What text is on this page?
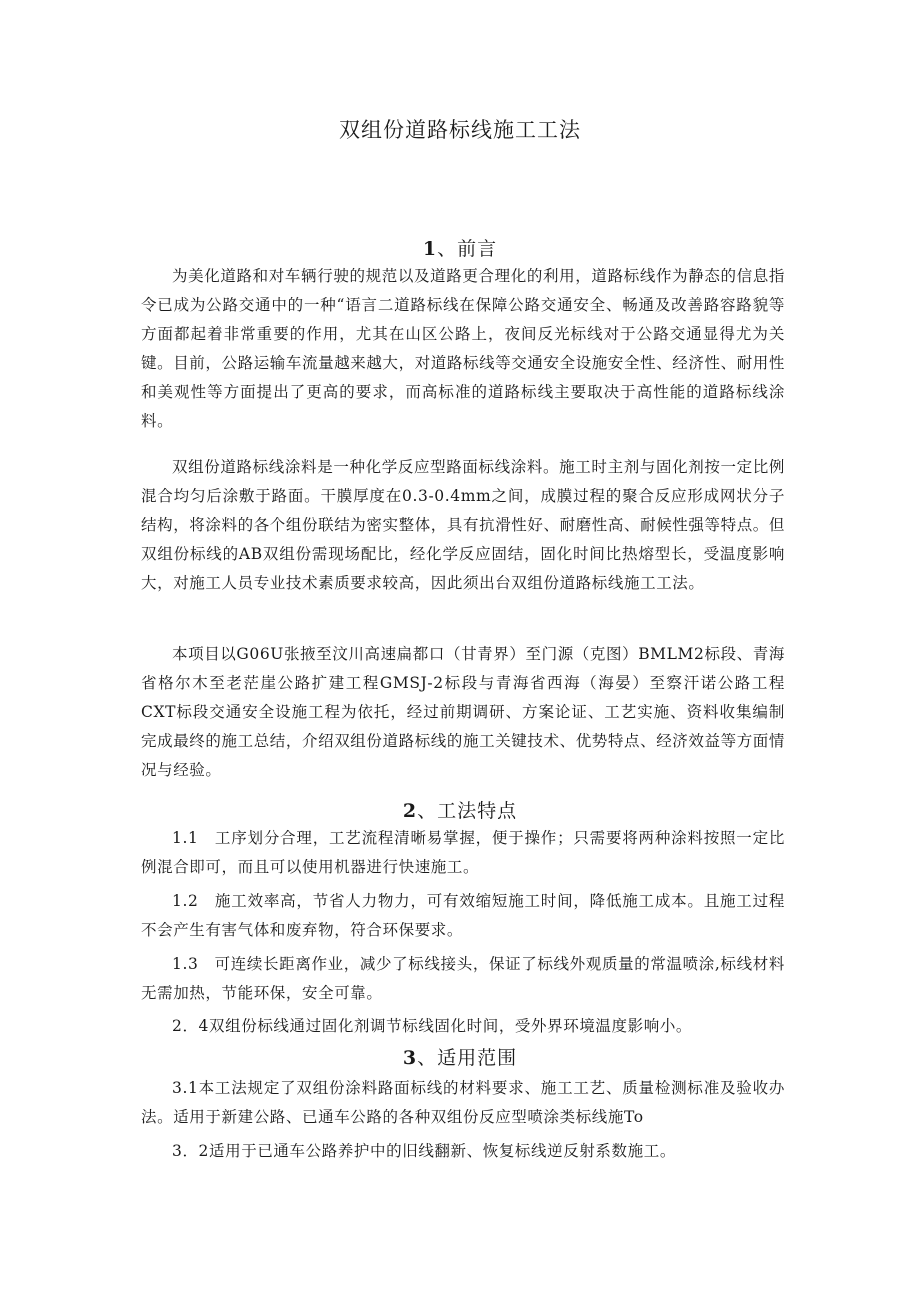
双组份道路标线施工工法
1、前言

为美化道路和对车辆行驶的规范以及道路更合理化的利用，道路标线作为静态的信息指令已成为公路交通中的一种“语言二道路标线在保障公路交通安全、畅通及改善路容路貌等方面都起着非常重要的作用，尤其在山区公路上，夜间反光标线对于公路交通显得尤为关键。目前，公路运输车流量越来越大，对道路标线等交通安全设施安全性、经济性、耐用性和美观性等方面提出了更高的要求，而高标准的道路标线主要取决于高性能的道路标线涂料。

双组份道路标线涂料是一种化学反应型路面标线涂料。施工时主剂与固化剂按一定比例混合均匀后涂敷于路面。干膜厚度在0.3-0.4mm之间，成膜过程的聚合反应形成网状分子结构，将涂料的各个组份联结为密实整体，具有抗滑性好、耐磨性高、耐候性强等特点。但双组份标线的AB双组份需现场配比，经化学反应固结，固化时间比热熔型长，受温度影响大，对施工人员专业技术素质要求较高，因此须出台双组份道路标线施工工法。

本项目以G06U张掖至汶川高速扁都口（甘青界）至门源（克图）BMLM2标段、青海省格尔木至老茫崖公路扩建工程GMSJ-2标段与青海省西海（海晏）至察汗诺公路工程CXT标段交通安全设施工程为依托，经过前期调研、方案论证、工艺实施、资料收集编制完成最终的施工总结，介绍双组份道路标线的施工关键技术、优势特点、经济效益等方面情况与经验。

2、工法特点

1.1　工序划分合理，工艺流程清晰易掌握，便于操作；只需要将两种涂料按照一定比例混合即可，而且可以使用机器进行快速施工。

1.2　施工效率高，节省人力物力，可有效缩短施工时间，降低施工成本。且施工过程不会产生有害气体和废弃物，符合环保要求。

1.3　可连续长距离作业，减少了标线接头，保证了标线外观质量的常温喷涂,标线材料无需加热，节能环保，安全可靠。

2．4双组份标线通过固化剂调节标线固化时间，受外界环境温度影响小。

3、适用范围

3.1本工法规定了双组份涂料路面标线的材料要求、施工工艺、质量检测标准及验收办法。适用于新建公路、已通车公路的各种双组份反应型喷涂类标线施To

3．2适用于已通车公路养护中的旧线翻新、恢复标线逆反射系数施工。
